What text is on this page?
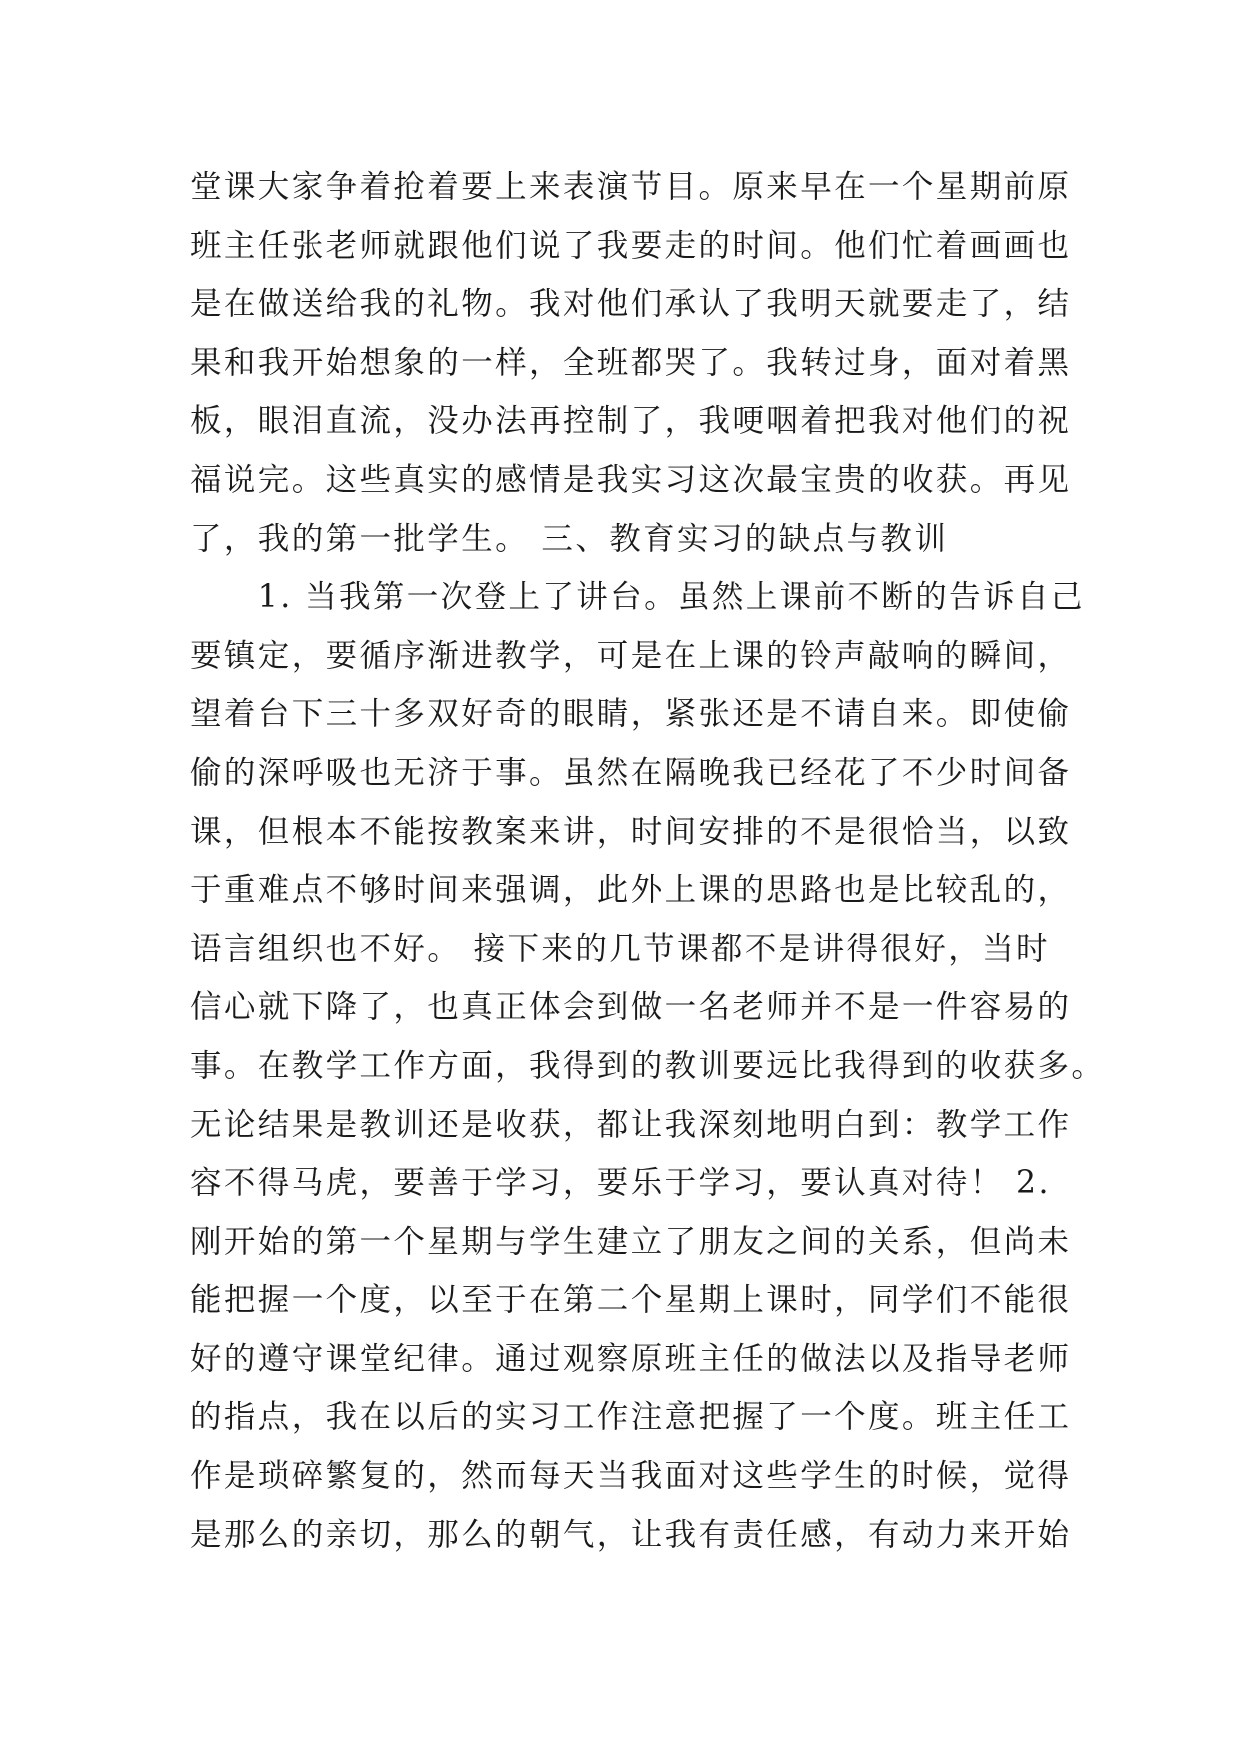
堂课大家争着抢着要上来表演节目。原来早在一个星期前原
班主任张老师就跟他们说了我要走的时间。他们忙着画画也
是在做送给我的礼物。我对他们承认了我明天就要走了，结
果和我开始想象的一样，全班都哭了。我转过身，面对着黑
板，眼泪直流，没办法再控制了，我哽咽着把我对他们的祝
福说完。这些真实的感情是我实习这次最宝贵的收获。再见
了，我的第一批学生。 三、教育实习的缺点与教训
　　1. 当我第一次登上了讲台。虽然上课前不断的告诉自己
要镇定，要循序渐进教学，可是在上课的铃声敲响的瞬间，
望着台下三十多双好奇的眼睛，紧张还是不请自来。即使偷
偷的深呼吸也无济于事。虽然在隔晚我已经花了不少时间备
课，但根本不能按教案来讲，时间安排的不是很恰当，以致
于重难点不够时间来强调，此外上课的思路也是比较乱的，
语言组织也不好。 接下来的几节课都不是讲得很好，当时
信心就下降了，也真正体会到做一名老师并不是一件容易的
事。在教学工作方面，我得到的教训要远比我得到的收获多。
无论结果是教训还是收获，都让我深刻地明白到：教学工作
容不得马虎，要善于学习，要乐于学习，要认真对待！ 2.
刚开始的第一个星期与学生建立了朋友之间的关系，但尚未
能把握一个度，以至于在第二个星期上课时，同学们不能很
好的遵守课堂纪律。通过观察原班主任的做法以及指导老师
的指点，我在以后的实习工作注意把握了一个度。班主任工
作是琐碎繁复的，然而每天当我面对这些学生的时候，觉得
是那么的亲切，那么的朝气，让我有责任感，有动力来开始
